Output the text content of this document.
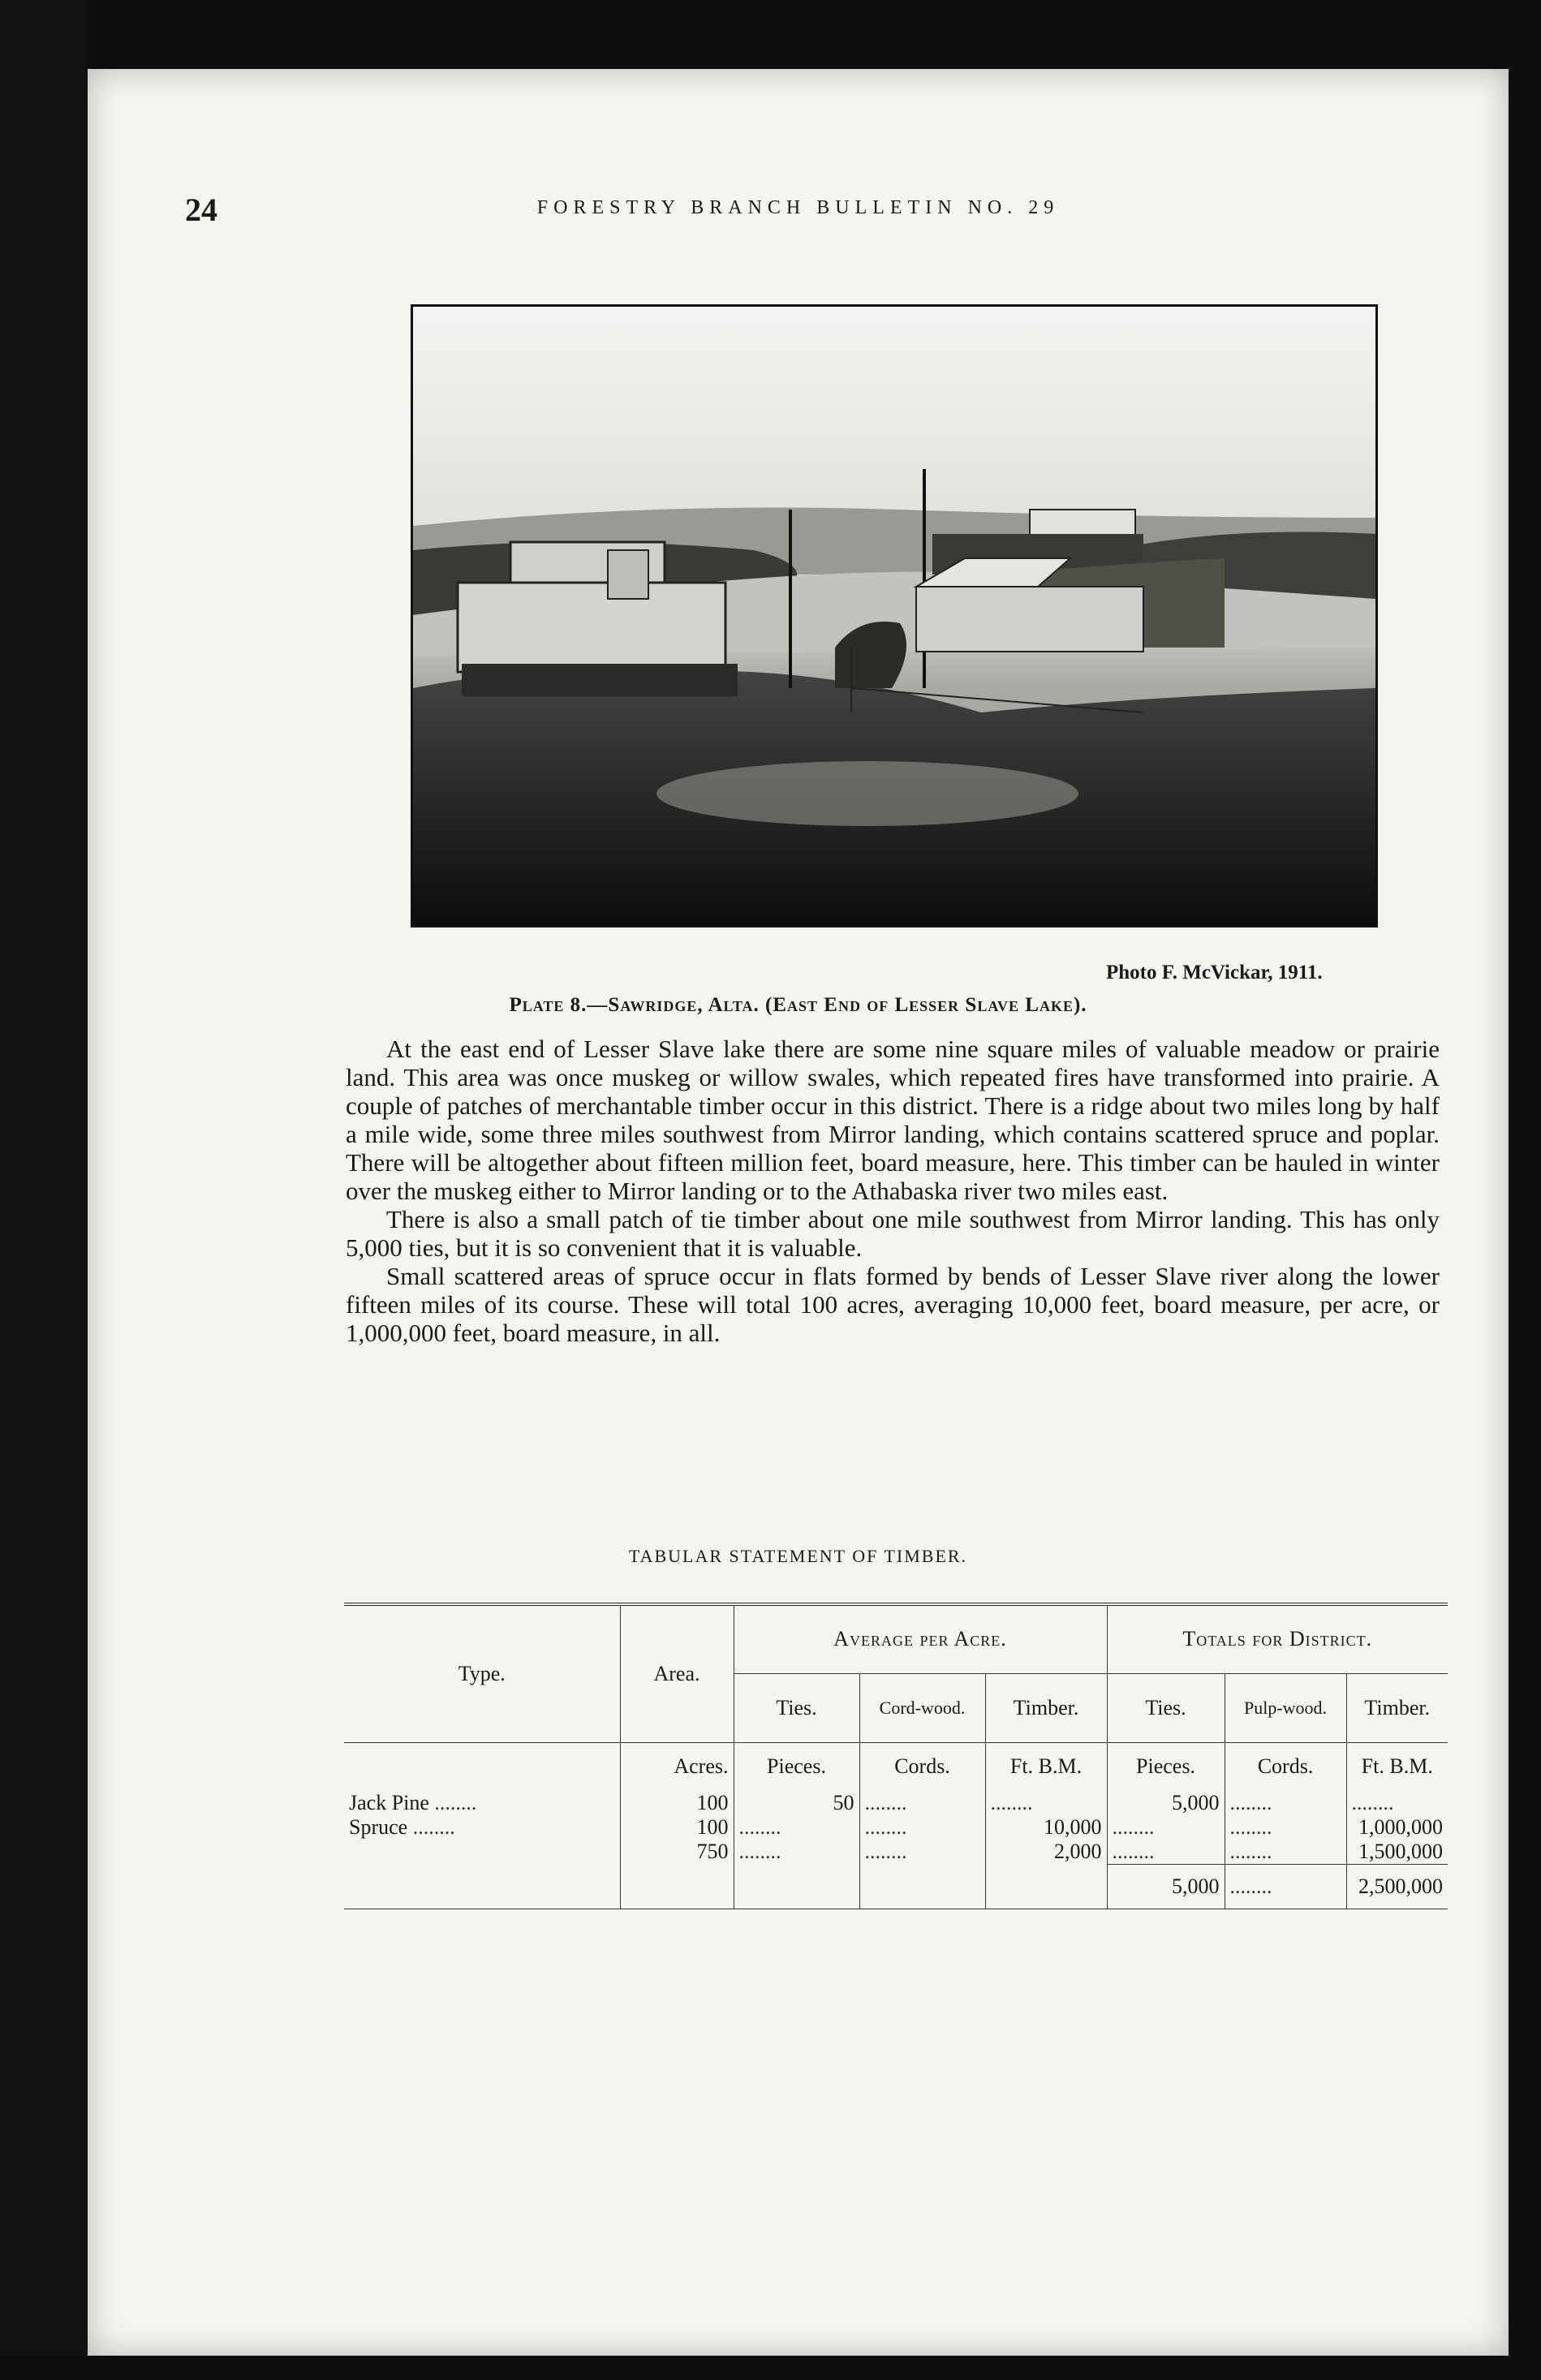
24	FORESTRY BRANCH BULLETIN NO. 29
Photo F. McVickar, 1911.
Plate 8.—Sawridge, Alta. (East End of Lesser Slave Lake).

At the east end of Lesser Slave lake there are some nine square miles of valuable meadow or prairie land. This area was once muskeg or willow swales, which repeated fires have transformed into prairie. A couple of patches of merchantable timber occur in this district. There is a ridge about two miles long by half a mile wide, some three miles southwest from Mirror landing, which contains scattered spruce and poplar. There will be altogether about fifteen million feet, board measure, here. This timber can be hauled in winter over the muskeg either to Mirror landing or to the Athabaska river two miles east.

There is also a small patch of tie timber about one mile southwest from Mirror landing. This has only 5,000 ties, but it is so convenient that it is valuable.

Small scattered areas of spruce occur in flats formed by bends of Lesser Slave river along the lower fifteen miles of its course. These will total 100 acres, averaging 10,000 feet, board measure, per acre, or 1,000,000 feet, board measure, in all.

TABULAR STATEMENT OF TIMBER.
Type.	Area.	Average per Acre.			Totals for District.		
		Ties.	Cord-wood.	Timber.	Ties.	Pulp-wood.	Timber.
	Acres.	Pieces.	Cords.	Ft. B.M.	Pieces.	Cords.	Ft. B.M.
Jack Pine ........	100	50	........	........	5,000	........	........
Spruce ........	100	........	........	10,000	........	........	1,000,000
	750	........	........	2,000	........	........	1,500,000
					5,000	........	2,500,000
